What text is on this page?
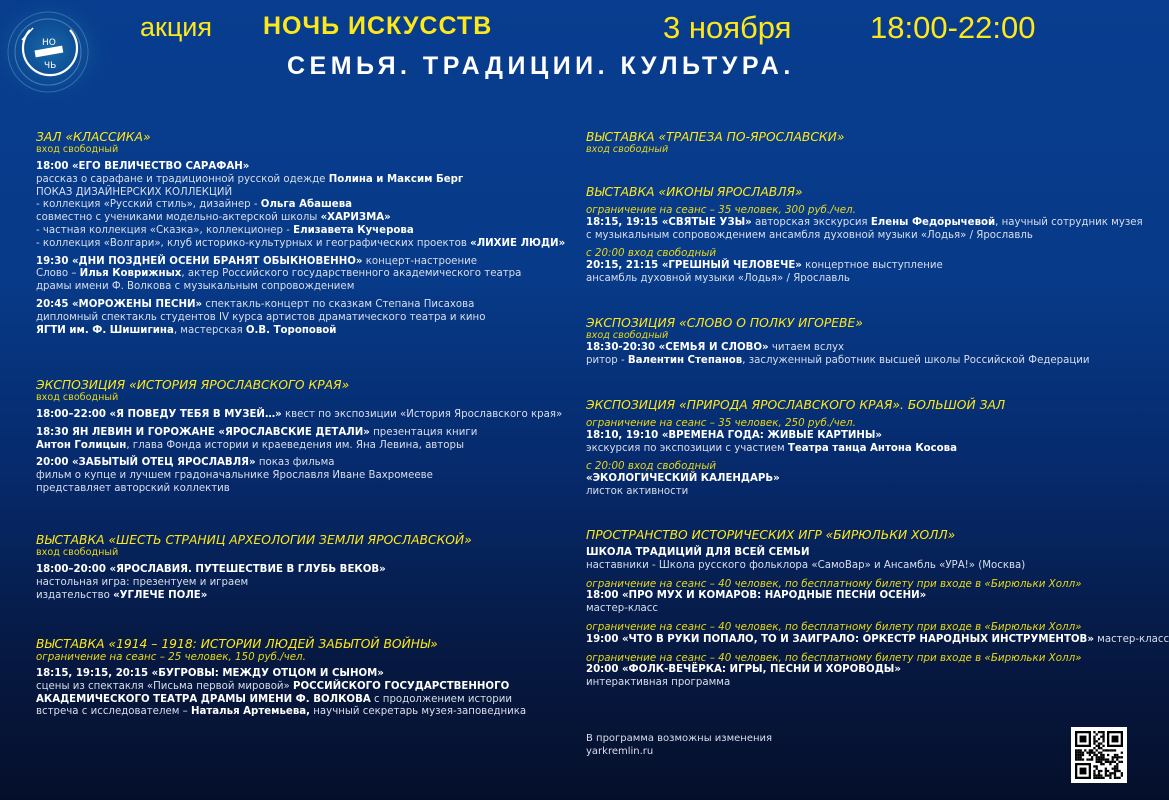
НО
ЧЬ
акция НОЧЬ ИСКУССТВ	3 ноября	18:00-22:00
СЕМЬЯ. ТРАДИЦИИ. КУЛЬТУРА.
ЗАЛ «КЛАССИКА»
вход свободный
18:00 «ЕГО ВЕЛИЧЕСТВО САРАФАН»
рассказ о сарафане и традиционной русской одежде Полина и Максим Берг
ПОКАЗ ДИЗАЙНЕРСКИХ КОЛЛЕКЦИЙ
- коллекция «Русский стиль», дизайнер - Ольга Абашева
совместно с учениками модельно-актерской школы «ХАРИЗМА»
- частная коллекция «Сказка», коллекционер - Елизавета Кучерова
- коллекция «Волгари», клуб историко-культурных и географических проектов «ЛИХИЕ ЛЮДИ»
19:30 «ДНИ ПОЗДНЕЙ ОСЕНИ БРАНЯТ ОБЫКНОВЕННО» концерт-настроение
Слово – Илья Коврижных, актер Российского государственного академического театра
драмы имени Ф. Волкова с музыкальным сопровождением
20:45 «МОРОЖЕНЫ ПЕСНИ» спектакль-концерт по сказкам Степана Писахова
дипломный спектакль студентов IV курса артистов драматического театра и кино
ЯГТИ им. Ф. Шишигина, мастерская О.В. Тороповой
ЭКСПОЗИЦИЯ «ИСТОРИЯ ЯРОСЛАВСКОГО КРАЯ»
вход свободный
18:00–22:00 «Я ПОВЕДУ ТЕБЯ В МУЗЕЙ…» квест по экспозиции «История Ярославского края»
18:30 ЯН ЛЕВИН И ГОРОЖАНЕ «ЯРОСЛАВСКИЕ ДЕТАЛИ» презентация книги
Антон Голицын, глава Фонда истории и краеведения им. Яна Левина, авторы
20:00 «ЗАБЫТЫЙ ОТЕЦ ЯРОСЛАВЛЯ» показ фильма
фильм о купце и лучшем градоначальнике Ярославля Иване Вахромееве
представляет авторский коллектив
ВЫСТАВКА «ШЕСТЬ СТРАНИЦ АРХЕОЛОГИИ ЗЕМЛИ ЯРОСЛАВСКОЙ»
вход свободный
18:00–20:00 «ЯРОСЛАВИЯ. ПУТЕШЕСТВИЕ В ГЛУБЬ ВЕКОВ»
настольная игра: презентуем и играем
издательство «УГЛЕЧЕ ПОЛЕ»
ВЫСТАВКА «1914 – 1918: ИСТОРИИ ЛЮДЕЙ ЗАБЫТОЙ ВОЙНЫ»
ограничение на сеанс – 25 человек, 150 руб./чел.
18:15, 19:15, 20:15 «БУГРОВЫ: МЕЖДУ ОТЦОМ И СЫНОМ»
сцены из спектакля «Письма первой мировой» РОССИЙСКОГО ГОСУДАРСТВЕННОГО
АКАДЕМИЧЕСКОГО ТЕАТРА ДРАМЫ ИМЕНИ Ф. ВОЛКОВА с продолжением истории
встреча с исследователем – Наталья Артемьева, научный секретарь музея-заповедника
ВЫСТАВКА «ТРАПЕЗА ПО-ЯРОСЛАВСКИ»
вход свободный
ВЫСТАВКА «ИКОНЫ ЯРОСЛАВЛЯ»
ограничение на сеанс – 35 человек, 300 руб./чел.
18:15, 19:15 «СВЯТЫЕ УЗЫ» авторская экскурсия Елены Федорычевой, научный сотрудник музея
с музыкальным сопровождением ансамбля духовной музыки «Лодья» / Ярославль
с 20:00 вход свободный
20:15, 21:15 «ГРЕШНЫЙ ЧЕЛОВЕЧЕ» концертное выступление
ансамбль духовной музыки «Лодья» / Ярославль
ЭКСПОЗИЦИЯ «СЛОВО О ПОЛКУ ИГОРЕВЕ»
вход свободный
18:30-20:30 «СЕМЬЯ И СЛОВО» читаем вслух
ритор - Валентин Степанов, заслуженный работник высшей школы Российской Федерации
ЭКСПОЗИЦИЯ «ПРИРОДА ЯРОСЛАВСКОГО КРАЯ». БОЛЬШОЙ ЗАЛ
ограничение на сеанс – 35 человек, 250 руб./чел.
18:10, 19:10 «ВРЕМЕНА ГОДА: ЖИВЫЕ КАРТИНЫ»
экскурсия по экспозиции с участием Театра танца Антона Косова
с 20:00 вход свободный
«ЭКОЛОГИЧЕСКИЙ КАЛЕНДАРЬ»
листок активности
ПРОСТРАНСТВО ИСТОРИЧЕСКИХ ИГР «БИРЮЛЬКИ ХОЛЛ»
ШКОЛА ТРАДИЦИЙ ДЛЯ ВСЕЙ СЕМЬИ
наставники - Школа русского фольклора «СамоВар» и Ансамбль «УРА!» (Москва)
ограничение на сеанс – 40 человек, по бесплатному билету при входе в «Бирюльки Холл»
18:00 «ПРО МУХ И КОМАРОВ: НАРОДНЫЕ ПЕСНИ ОСЕНИ»
мастер-класс
ограничение на сеанс – 40 человек, по бесплатному билету при входе в «Бирюльки Холл»
19:00 «ЧТО В РУКИ ПОПАЛО, ТО И ЗАИГРАЛО: ОРКЕСТР НАРОДНЫХ ИНСТРУМЕНТОВ» мастер-класс
ограничение на сеанс – 40 человек, по бесплатному билету при входе в «Бирюльки Холл»
20:00 «ФОЛК-ВЕЧЁРКА: ИГРЫ, ПЕСНИ И ХОРОВОДЫ»
интерактивная программа
В программа возможны изменения
yarkremlin.ru
